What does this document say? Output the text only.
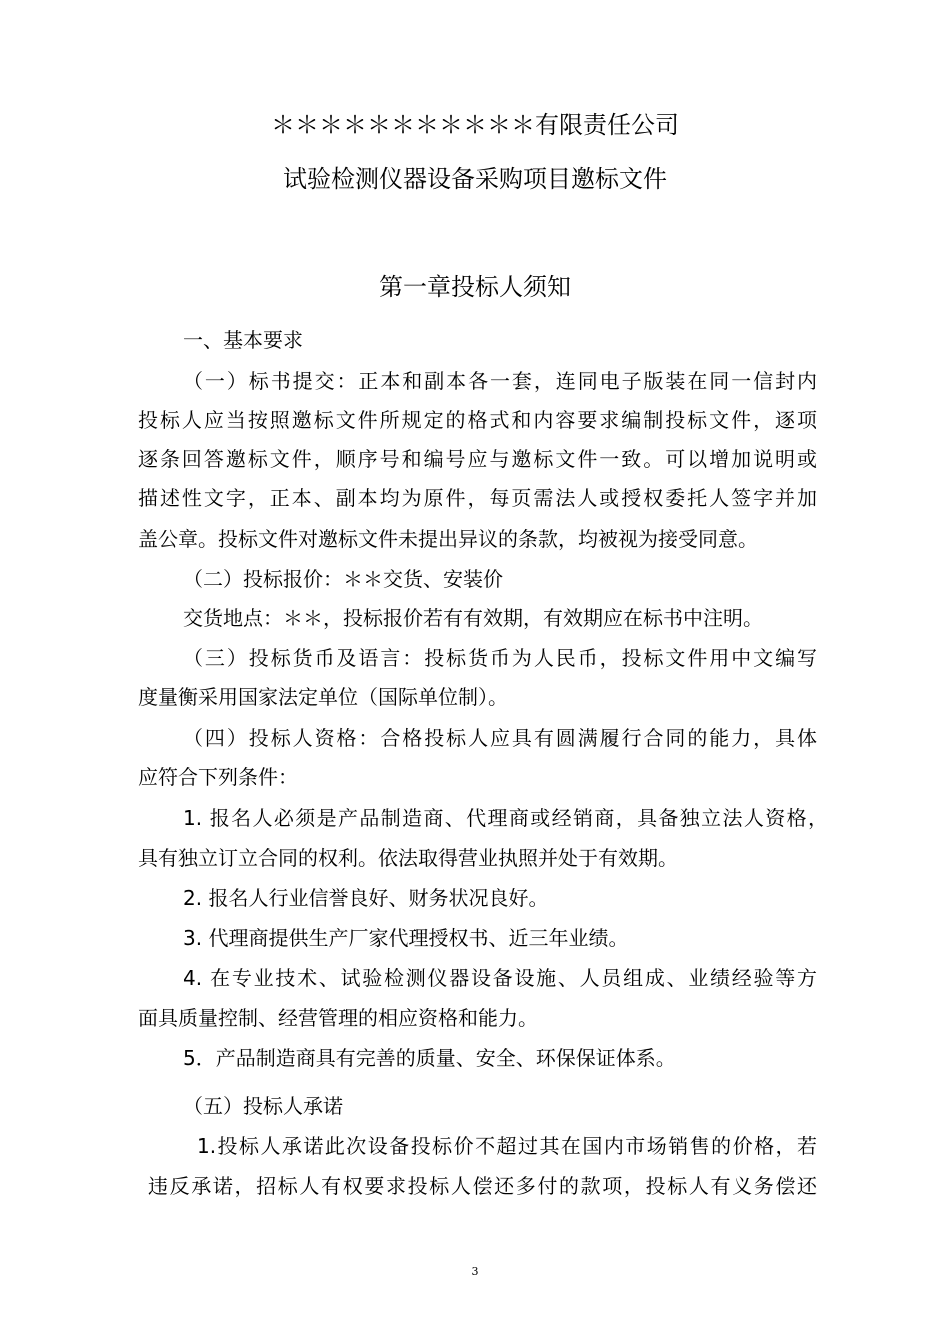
＊＊＊＊＊＊＊＊＊＊＊有限责任公司
试验检测仪器设备采购项目邀标文件
第一章投标人须知
一、基本要求
（一）标书提交：正本和副本各一套，连同电子版装在同一信封内
投标人应当按照邀标文件所规定的格式和内容要求编制投标文件，逐项
逐条回答邀标文件，顺序号和编号应与邀标文件一致。可以增加说明或
描述性文字，正本、副本均为原件，每页需法人或授权委托人签字并加
盖公章。投标文件对邀标文件未提出异议的条款，均被视为接受同意。
（二）投标报价：＊＊交货、安装价
交货地点：＊＊，投标报价若有有效期，有效期应在标书中注明。
（三）投标货币及语言：投标货币为人民币，投标文件用中文编写
度量衡采用国家法定单位（国际单位制）。
（四）投标人资格：合格投标人应具有圆满履行合同的能力，具体
应符合下列条件：
1. 报名人必须是产品制造商、代理商或经销商，具备独立法人资格，
具有独立订立合同的权利。依法取得营业执照并处于有效期。
2. 报名人行业信誉良好、财务状况良好。
3. 代理商提供生产厂家代理授权书、近三年业绩。
4. 在专业技术、试验检测仪器设备设施、人员组成、业绩经验等方
面具质量控制、经营管理的相应资格和能力。
5．产品制造商具有完善的质量、安全、环保保证体系。
（五）投标人承诺
1.投标人承诺此次设备投标价不超过其在国内市场销售的价格，若
违反承诺，招标人有权要求投标人偿还多付的款项，投标人有义务偿还
3
